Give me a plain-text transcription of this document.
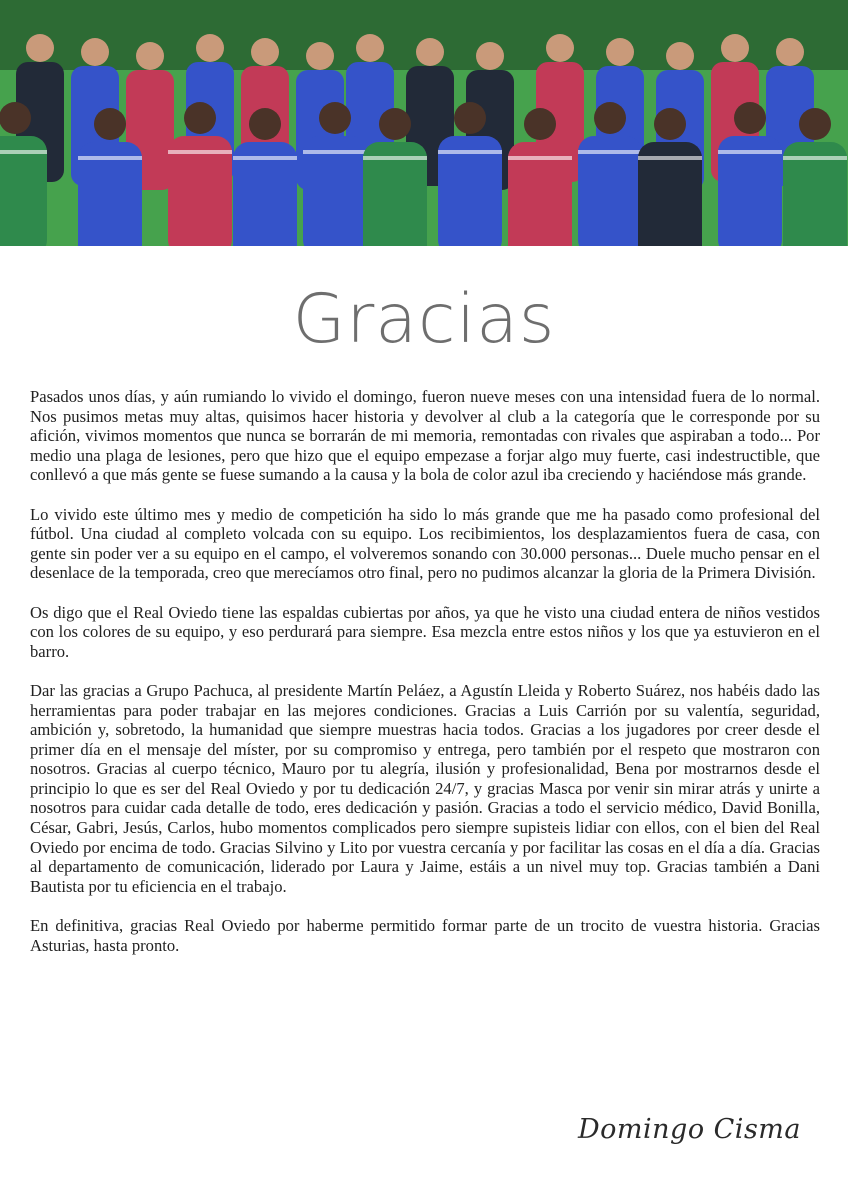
Gracias

Pasados unos días, y aún rumiando lo vivido el domingo, fueron nueve meses con una intensidad fuera de lo normal. Nos pusimos metas muy altas, quisimos hacer historia y devolver al club a la categoría que le corresponde por su afición, vivimos momentos que nunca se borrarán de mi memoria, remontadas con rivales que aspiraban a todo... Por medio una plaga de lesiones, pero que hizo que el equipo empezase a forjar algo muy fuerte, casi indestructible, que conllevó a que más gente se fuese sumando a la causa y la bola de color azul iba creciendo y haciéndose más grande.

Lo vivido este último mes y medio de competición ha sido lo más grande que me ha pasado como profesional del fútbol. Una ciudad al completo volcada con su equipo. Los recibimientos, los desplazamientos fuera de casa, con gente sin poder ver a su equipo en el campo, el volveremos sonando con 30.000 personas... Duele mucho pensar en el desenlace de la temporada, creo que merecíamos otro final, pero no pudimos alcanzar la gloria de la Primera División.

Os digo que el Real Oviedo tiene las espaldas cubiertas por años, ya que he visto una ciudad entera de niños vestidos con los colores de su equipo, y eso perdurará para siempre. Esa mezcla entre estos niños y los que ya estuvieron en el barro.

Dar las gracias a Grupo Pachuca, al presidente Martín Peláez, a Agustín Lleida y Roberto Suárez, nos habéis dado las herramientas para poder trabajar en las mejores condiciones. Gracias a Luis Carrión por su valentía, seguridad, ambición y, sobretodo, la humanidad que siempre muestras hacia todos. Gracias a los jugadores por creer desde el primer día en el mensaje del míster, por su compromiso y entrega, pero también por el respeto que mostraron con nosotros. Gracias al cuerpo técnico, Mauro por tu alegría, ilusión y profesionalidad, Bena por mostrarnos desde el principio lo que es ser del Real Oviedo y por tu dedicación 24/7, y gracias Masca por venir sin mirar atrás y unirte a nosotros para cuidar cada detalle de todo, eres dedicación y pasión. Gracias a todo el servicio médico, David Bonilla, César, Gabri, Jesús, Carlos, hubo momentos complicados pero siempre supisteis lidiar con ellos, con el bien del Real Oviedo por encima de todo. Gracias Silvino y Lito por vuestra cercanía y por facilitar las cosas en el día a día. Gracias al departamento de comunicación, liderado por Laura y Jaime, estáis a un nivel muy top. Gracias también a Dani Bautista por tu eficiencia en el trabajo.

En definitiva, gracias Real Oviedo por haberme permitido formar parte de un trocito de vuestra historia. Gracias Asturias, hasta pronto.

Domingo Cisma
